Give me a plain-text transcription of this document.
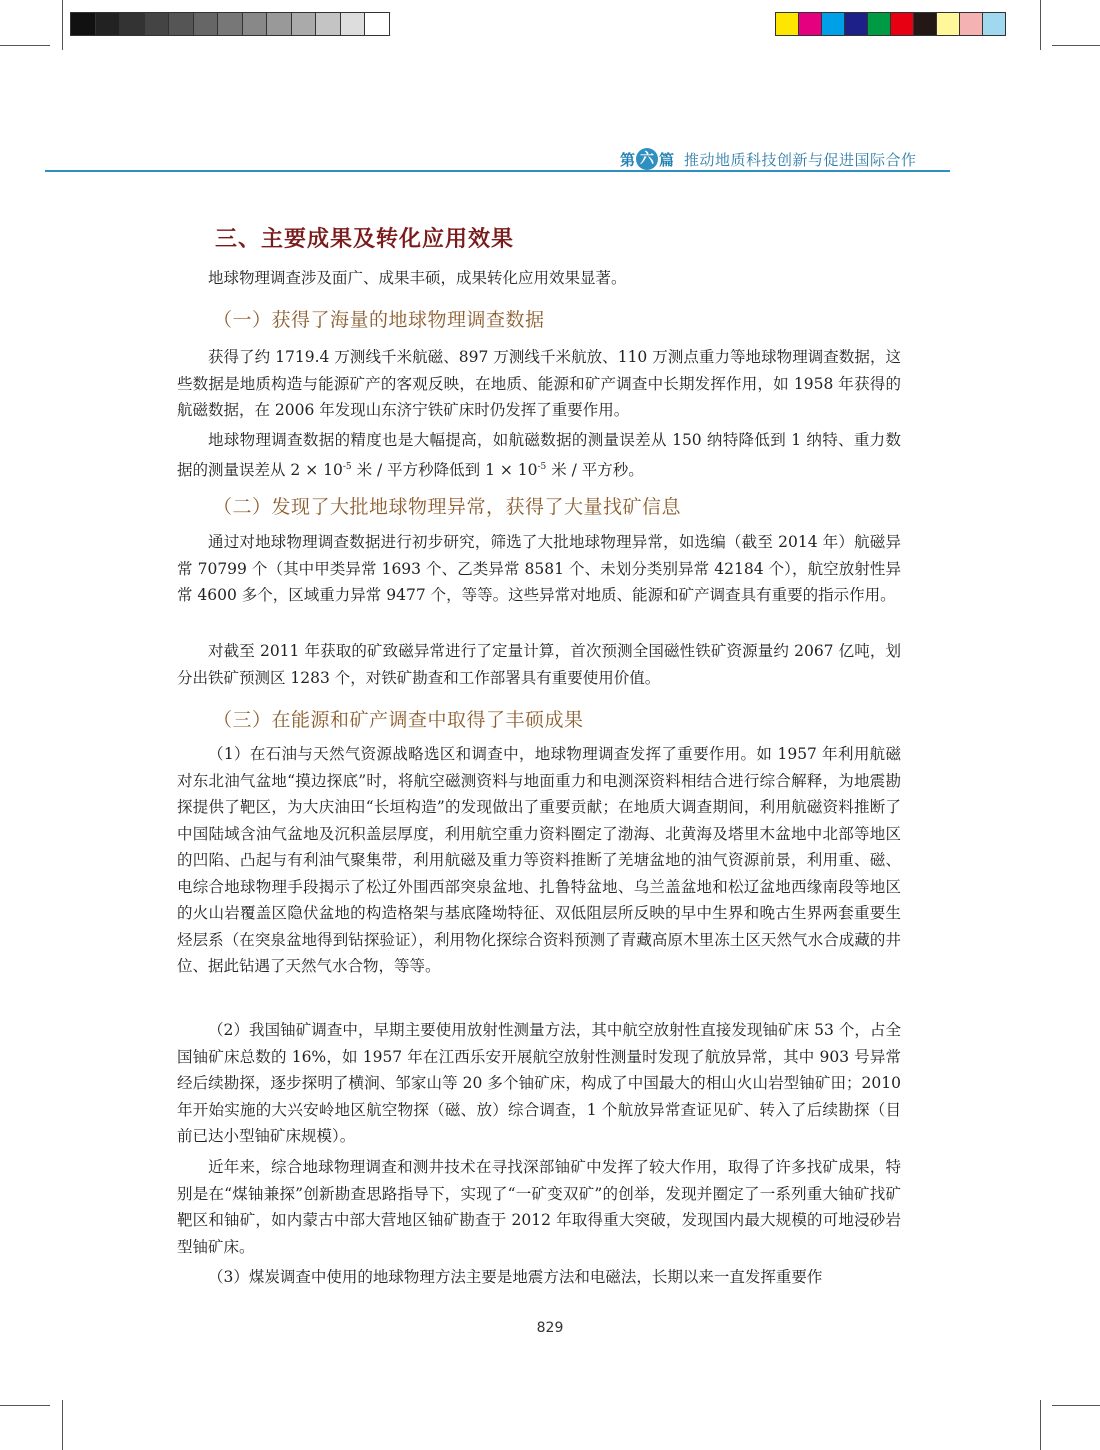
第 六 篇 推动地质科技创新与促进国际合作
三、主要成果及转化应用效果

地球物理调查涉及面广、成果丰硕，成果转化应用效果显著。

（一）获得了海量的地球物理调查数据

获得了约 1719.4 万测线千米航磁、897 万测线千米航放、110 万测点重力等地球物理调查数据，这些数据是地质构造与能源矿产的客观反映，在地质、能源和矿产调查中长期发挥作用，如 1958 年获得的航磁数据，在 2006 年发现山东济宁铁矿床时仍发挥了重要作用。

地球物理调查数据的精度也是大幅提高，如航磁数据的测量误差从 150 纳特降低到 1 纳特、重力数据的测量误差从 $2 \times 10^{-5}$ 米 / 平方秒降低到 $1 \times 10^{-5}$ 米 / 平方秒。

（二）发现了大批地球物理异常，获得了大量找矿信息

通过对地球物理调查数据进行初步研究，筛选了大批地球物理异常，如选编（截至 2014 年）航磁异常 70799 个（其中甲类异常 1693 个、乙类异常 8581 个、未划分类别异常 42184 个），航空放射性异常 4600 多个，区域重力异常 9477 个，等等。这些异常对地质、能源和矿产调查具有重要的指示作用。

对截至 2011 年获取的矿致磁异常进行了定量计算，首次预测全国磁性铁矿资源量约 2067 亿吨，划分出铁矿预测区 1283 个，对铁矿勘查和工作部署具有重要使用价值。

（三）在能源和矿产调查中取得了丰硕成果

（1）在石油与天然气资源战略选区和调查中，地球物理调查发挥了重要作用。如 1957 年利用航磁对东北油气盆地“摸边探底”时，将航空磁测资料与地面重力和电测深资料相结合进行综合解释，为地震勘探提供了靶区，为大庆油田“长垣构造”的发现做出了重要贡献；在地质大调查期间，利用航磁资料推断了中国陆域含油气盆地及沉积盖层厚度，利用航空重力资料圈定了渤海、北黄海及塔里木盆地中北部等地区的凹陷、凸起与有利油气聚集带，利用航磁及重力等资料推断了羌塘盆地的油气资源前景，利用重、磁、电综合地球物理手段揭示了松辽外围西部突泉盆地、扎鲁特盆地、乌兰盖盆地和松辽盆地西缘南段等地区的火山岩覆盖区隐伏盆地的构造格架与基底隆坳特征、双低阻层所反映的早中生界和晚古生界两套重要生烃层系（在突泉盆地得到钻探验证），利用物化探综合资料预测了青藏高原木里冻土区天然气水合成藏的井位、据此钻遇了天然气水合物，等等。

（2）我国铀矿调查中，早期主要使用放射性测量方法，其中航空放射性直接发现铀矿床 53 个，占全国铀矿床总数的 16%，如 1957 年在江西乐安开展航空放射性测量时发现了航放异常，其中 903 号异常经后续勘探，逐步探明了横涧、邹家山等 20 多个铀矿床，构成了中国最大的相山火山岩型铀矿田；2010 年开始实施的大兴安岭地区航空物探（磁、放）综合调查，1 个航放异常查证见矿、转入了后续勘探（目前已达小型铀矿床规模）。

近年来，综合地球物理调查和测井技术在寻找深部铀矿中发挥了较大作用，取得了许多找矿成果，特别是在“煤铀兼探”创新勘查思路指导下，实现了“一矿变双矿”的创举，发现并圈定了一系列重大铀矿找矿靶区和铀矿，如内蒙古中部大营地区铀矿勘查于 2012 年取得重大突破，发现国内最大规模的可地浸砂岩型铀矿床。

（3）煤炭调查中使用的地球物理方法主要是地震方法和电磁法，长期以来一直发挥重要作

829
